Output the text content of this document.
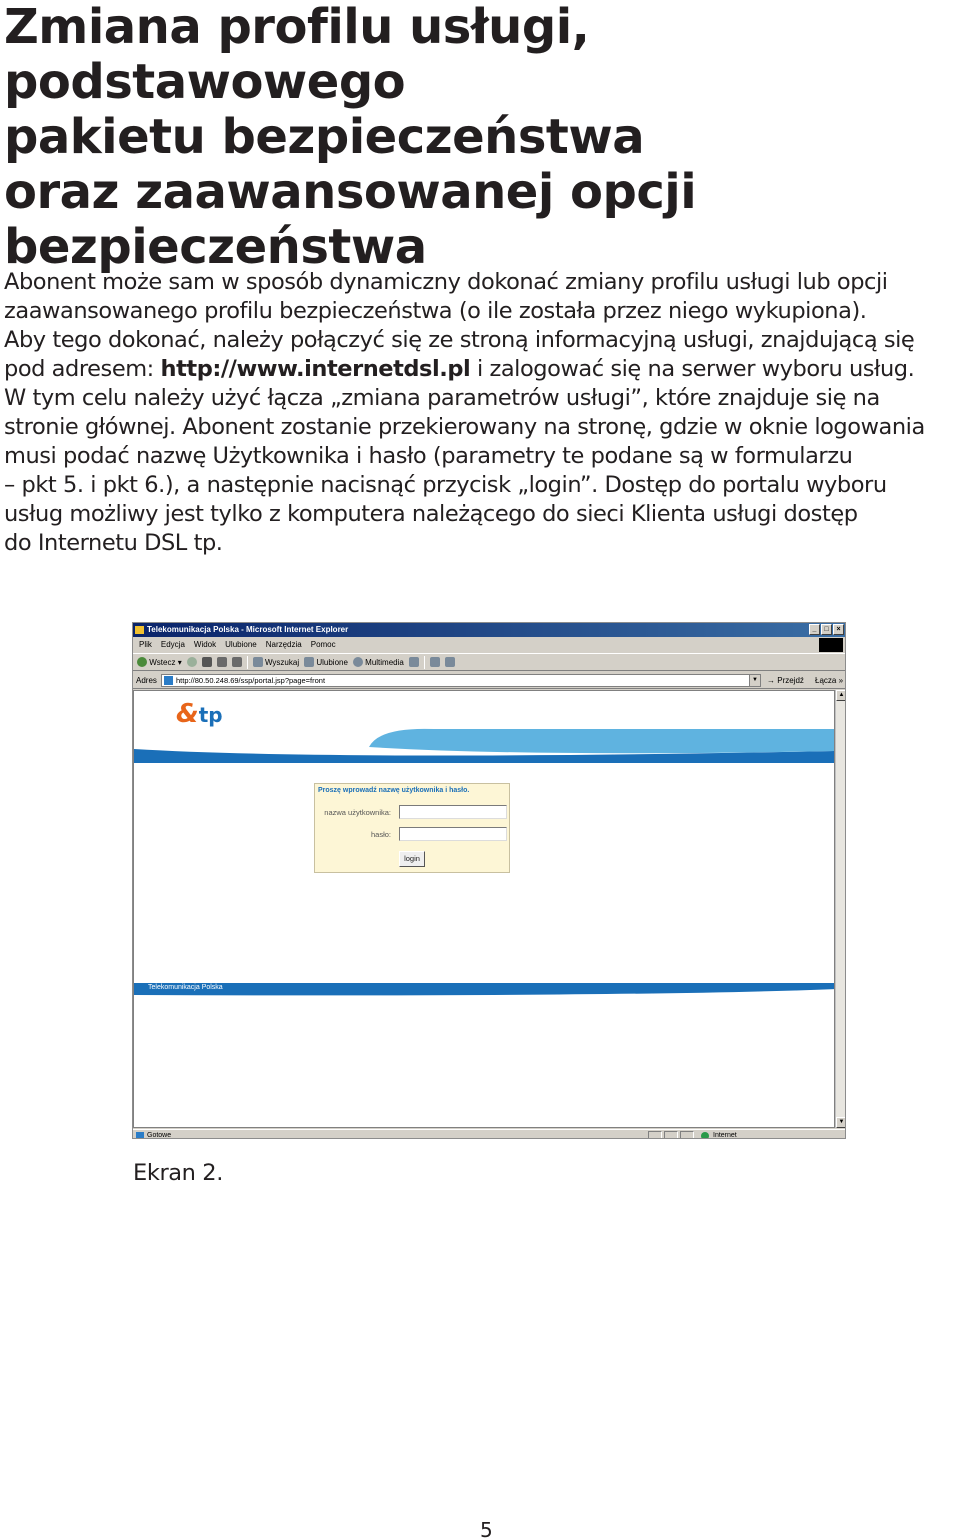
Zmiana profilu usługi, podstawowego
pakietu bezpieczeństwa
oraz zaawansowanej opcji
bezpieczeństwa
Abonent może sam w sposób dynamiczny dokonać zmiany profilu usługi lub opcji
zaawansowanego profilu bezpieczeństwa (o ile została przez niego wykupiona).
Aby tego dokonać, należy połączyć się ze stroną informacyjną usługi, znajdującą się
pod adresem: http://www.internetdsl.pl i zalogować się na serwer wyboru usług.
W tym celu należy użyć łącza „zmiana parametrów usługi”, które znajduje się na
stronie głównej. Abonent zostanie przekierowany na stronę, gdzie w oknie logowania
musi podać nazwę Użytkownika i hasło (parametry te podane są w formularzu
– pkt 5. i pkt 6.), a następnie nacisnąć przycisk „login”. Dostęp do portalu wyboru
usług możliwy jest tylko z komputera należącego do sieci Klienta usługi dostęp
do Internetu DSL tp.
Telekomunikacja Polska - Microsoft Internet Explorer	_	□	×
Plik Edycja Widok Ulubione Narzędzia Pomoc
Wstecz ▾	Wyszukaj	Ulubione	Multimedia
Adres	http://80.50.248.69/ssp/portal.jsp?page=front	▼ → Przejdź Łącza »
&tp
Proszę wprowadź nazwę użytkownika i hasło.
nazwa użytkownika:
hasło:
login
Telekomunikacja Polska
▲
▼
Gotowe	Internet
Ekran 2.
5
